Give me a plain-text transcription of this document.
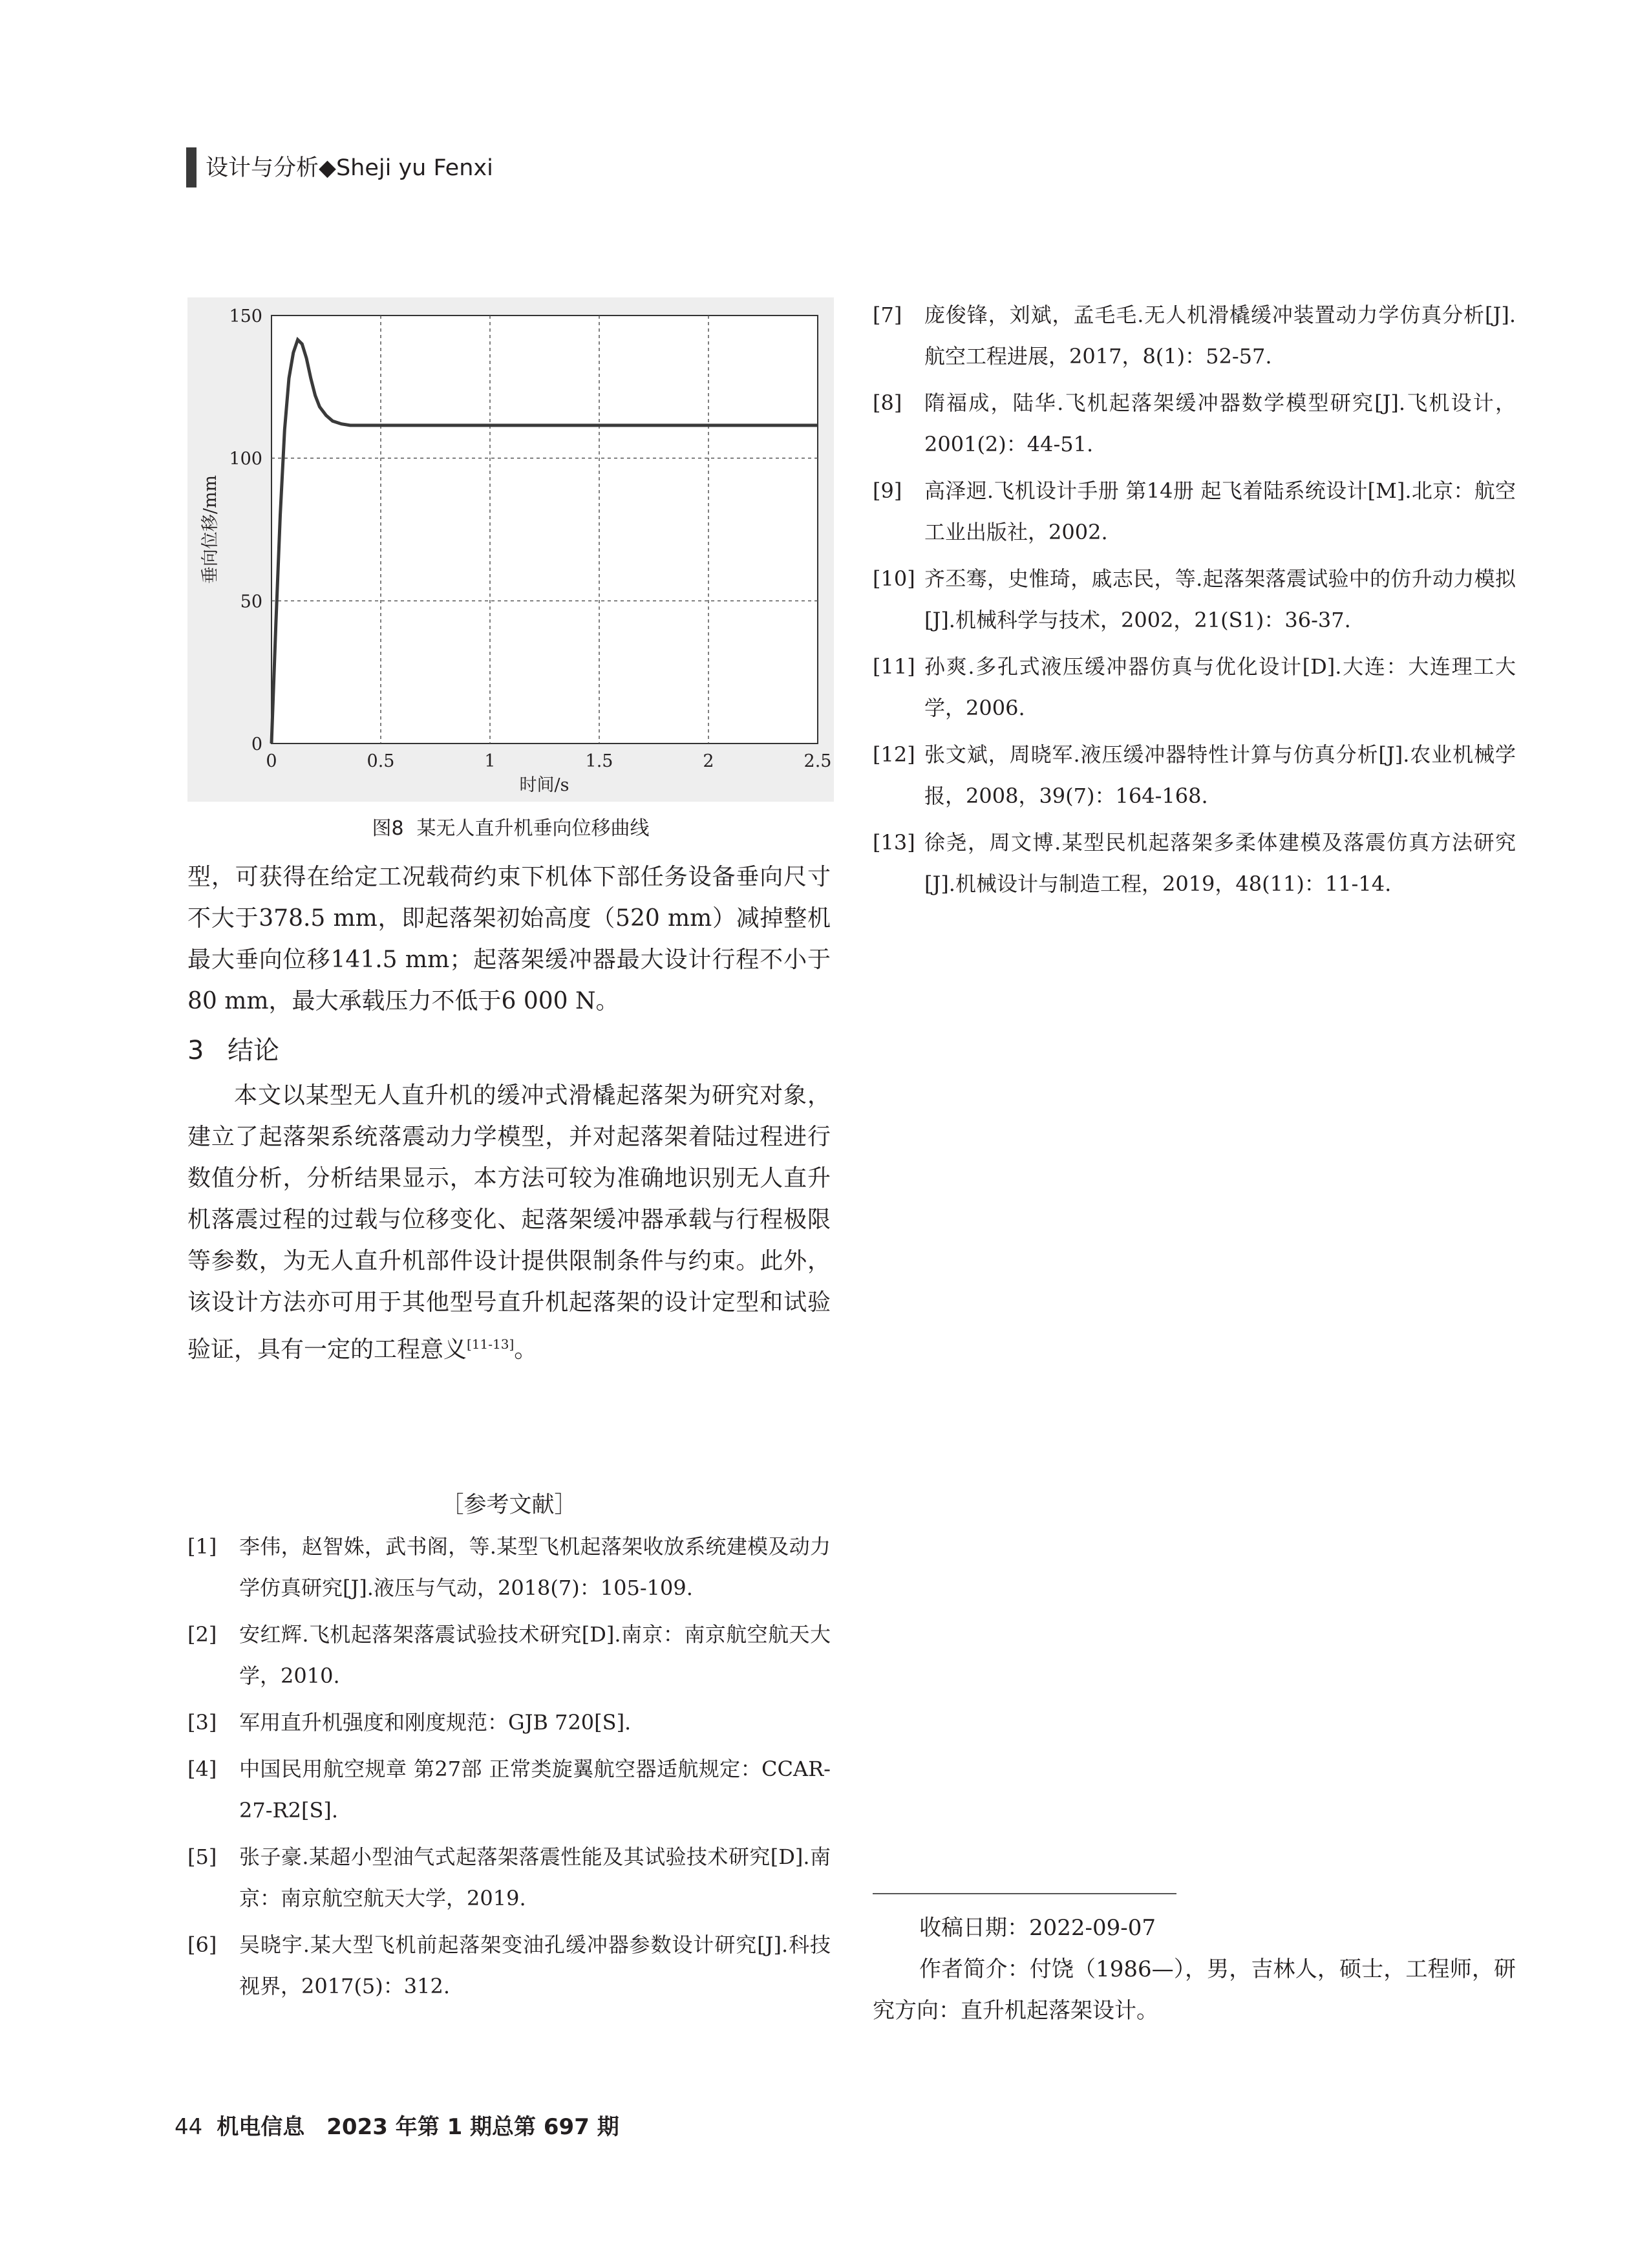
设计与分析◆Sheji yu Fenxi
0	0.5	1	1.5	2	2.5
0
50
100
150
时间/s
垂向位移/mm
图8 某无人直升机垂向位移曲线

型，可获得在给定工况载荷约束下机体下部任务设备垂向尺寸不大于378.5 mm，即起落架初始高度（520 mm）减掉整机最大垂向位移141.5 mm；起落架缓冲器最大设计行程不小于80 mm，最大承载压力不低于6 000 N。

3 结论

本文以某型无人直升机的缓冲式滑橇起落架为研究对象，建立了起落架系统落震动力学模型，并对起落架着陆过程进行数值分析，分析结果显示，本方法可较为准确地识别无人直升机落震过程的过载与位移变化、起落架缓冲器承载与行程极限等参数，为无人直升机部件设计提供限制条件与约束。此外，该设计方法亦可用于其他型号直升机起落架的设计定型和试验验证，具有一定的工程意义[11-13]。

［参考文献］
[1]	李伟，赵智姝，武书阁，等.某型飞机起落架收放系统建模及动力学仿真研究[J].液压与气动，2018(7)：105-109.
[2]	安红辉.飞机起落架落震试验技术研究[D].南京：南京航空航天大学，2010.
[3]	军用直升机强度和刚度规范：GJB 720[S].
[4]	中国民用航空规章 第27部 正常类旋翼航空器适航规定：CCAR-27-R2[S].
[5]	张子豪.某超小型油气式起落架落震性能及其试验技术研究[D].南京：南京航空航天大学，2019.
[6]	吴晓宇.某大型飞机前起落架变油孔缓冲器参数设计研究[J].科技视界，2017(5)：312.
[7]	庞俊锋，刘斌，孟毛毛.无人机滑橇缓冲装置动力学仿真分析[J].航空工程进展，2017，8(1)：52-57.
[8]	隋福成，陆华.飞机起落架缓冲器数学模型研究[J].飞机设计，2001(2)：44-51.
[9]	高泽迥.飞机设计手册 第14册 起飞着陆系统设计[M].北京：航空工业出版社，2002.
[10] 齐丕骞，史惟琦，戚志民，等.起落架落震试验中的仿升动力模拟[J].机械科学与技术，2002，21(S1)：36-37.
[11] 孙爽.多孔式液压缓冲器仿真与优化设计[D].大连：大连理工大学，2006.
[12] 张文斌，周晓军.液压缓冲器特性计算与仿真分析[J].农业机械学报，2008，39(7)：164-168.
[13] 徐尧，周文博.某型民机起落架多柔体建模及落震仿真方法研究[J].机械设计与制造工程，2019，48(11)：11-14.

收稿日期：2022-09-07

作者简介：付饶（1986—），男，吉林人，硕士，工程师，研究方向：直升机起落架设计。

44 机电信息　2023 年第 1 期总第 697 期
